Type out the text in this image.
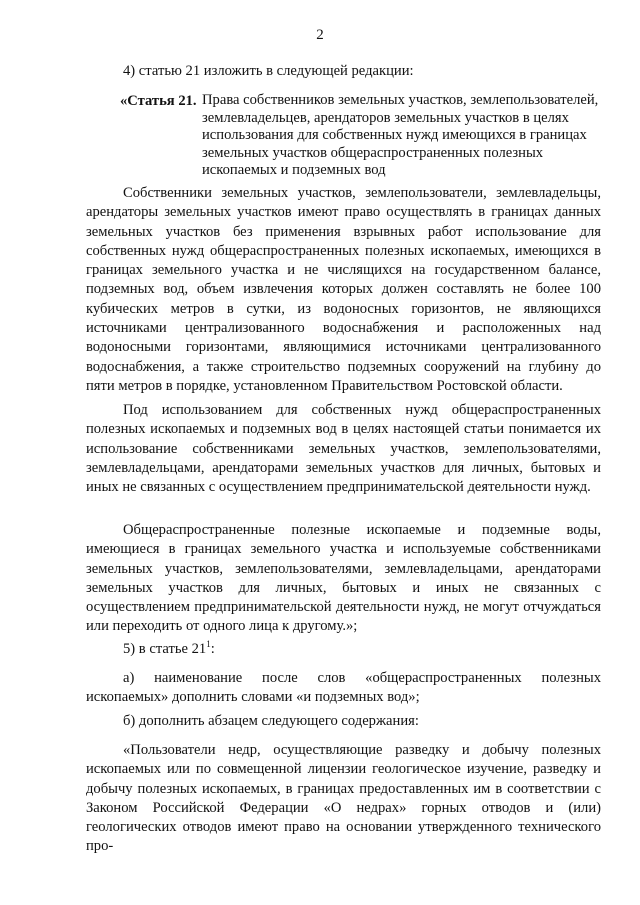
2
4) статью 21 изложить в следующей редакции:
«Статья 21. Права собственников земельных участков, землепользователей, землевладельцев, арендаторов земельных участков в целях использования для собственных нужд имеющихся в границах земельных участков общераспространенных полезных ископаемых и подземных вод
Собственники земельных участков, землепользователи, землевладельцы, арендаторы земельных участков имеют право осуществлять в границах данных земельных участков без применения взрывных работ использование для собственных нужд общераспространенных полезных ископаемых, имеющихся в границах земельного участка и не числящихся на государственном балансе, подземных вод, объем извлечения которых должен составлять не более 100 кубических метров в сутки, из водоносных горизонтов, не являющихся источниками централизованного водоснабжения и расположенных над водоносными горизонтами, являющимися источниками централизованного водоснабжения, а также строительство подземных сооружений на глубину до пяти метров в порядке, установленном Правительством Ростовской области.
Под использованием для собственных нужд общераспространенных полезных ископаемых и подземных вод в целях настоящей статьи понимается их использование собственниками земельных участков, землепользователями, землевладельцами, арендаторами земельных участков для личных, бытовых и иных не связанных с осуществлением предпринимательской деятельности нужд.
Общераспространенные полезные ископаемые и подземные воды, имеющиеся в границах земельного участка и используемые собственниками земельных участков, землепользователями, землевладельцами, арендаторами земельных участков для личных, бытовых и иных не связанных с осуществлением предпринимательской деятельности нужд, не могут отчуждаться или переходить от одного лица к другому.»;
5) в статье $21^1$:
а) наименование после слов «общераспространенных полезных ископаемых» дополнить словами «и подземных вод»;
б) дополнить абзацем следующего содержания:
«Пользователи недр, осуществляющие разведку и добычу полезных ископаемых или по совмещенной лицензии геологическое изучение, разведку и добычу полезных ископаемых, в границах предоставленных им в соответствии с Законом Российской Федерации «О недрах» горных отводов и (или) геологических отводов имеют право на основании утвержденного технического про-
